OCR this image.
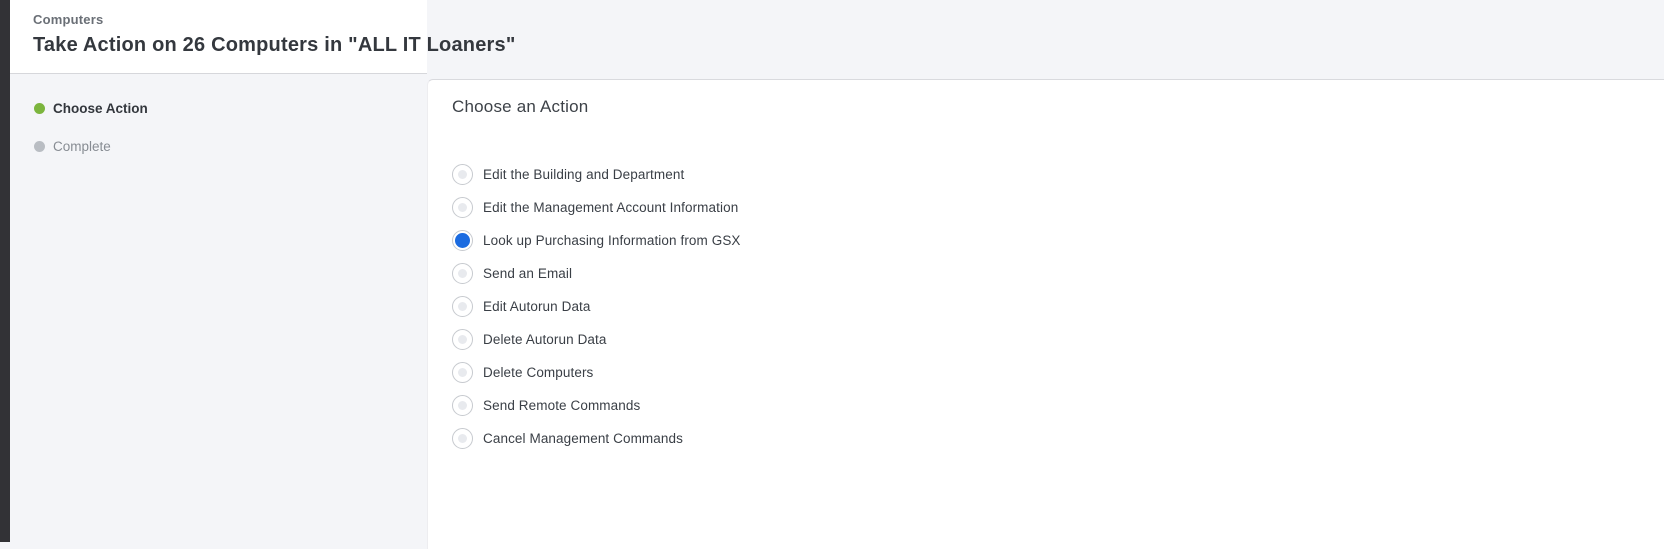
Computers
Take Action on 26 Computers in "ALL IT Loaners"
Choose Action
Complete
Choose an Action
Edit the Building and Department
Edit the Management Account Information
Look up Purchasing Information from GSX
Send an Email
Edit Autorun Data
Delete Autorun Data
Delete Computers
Send Remote Commands
Cancel Management Commands
